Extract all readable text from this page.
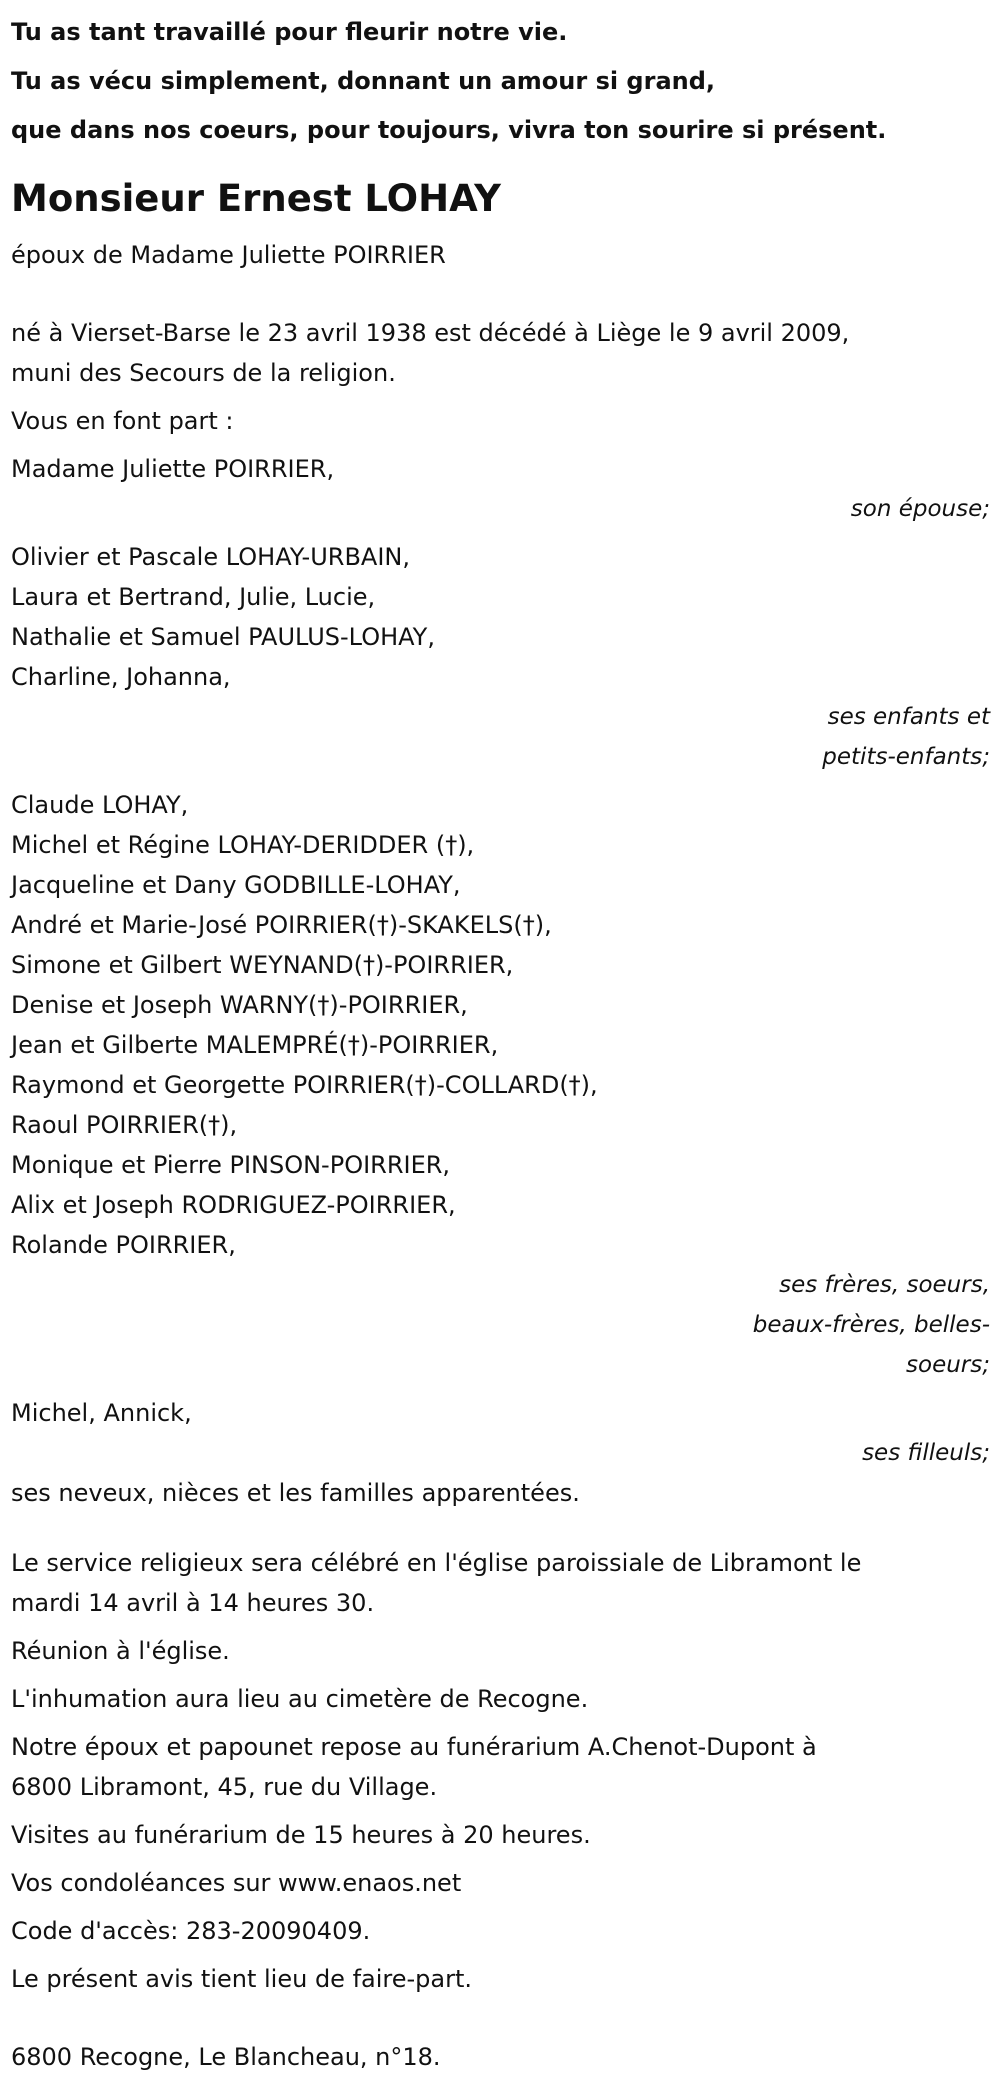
Tu as tant travaillé pour fleurir notre vie.
Tu as vécu simplement, donnant un amour si grand,
que dans nos coeurs, pour toujours, vivra ton sourire si présent.
Monsieur Ernest LOHAY
époux de Madame Juliette POIRRIER
né à Vierset-Barse le 23 avril 1938 est décédé à Liège le 9 avril 2009,
muni des Secours de la religion.
Vous en font part :
Madame Juliette POIRRIER,
son épouse;
Olivier et Pascale LOHAY-URBAIN,
Laura et Bertrand, Julie, Lucie,
Nathalie et Samuel PAULUS-LOHAY,
Charline, Johanna,
ses enfants et
petits-enfants;
Claude LOHAY,
Michel et Régine LOHAY-DERIDDER (†),
Jacqueline et Dany GODBILLE-LOHAY,
André et Marie-José POIRRIER(†)-SKAKELS(†),
Simone et Gilbert WEYNAND(†)-POIRRIER,
Denise et Joseph WARNY(†)-POIRRIER,
Jean et Gilberte MALEMPRÉ(†)-POIRRIER,
Raymond et Georgette POIRRIER(†)-COLLARD(†),
Raoul POIRRIER(†),
Monique et Pierre PINSON-POIRRIER,
Alix et Joseph RODRIGUEZ-POIRRIER,
Rolande POIRRIER,
ses frères, soeurs,
beaux-frères, belles-
soeurs;
Michel, Annick,
ses filleuls;
ses neveux, nièces et les familles apparentées.
Le service religieux sera célébré en l'église paroissiale de Libramont le
mardi 14 avril à 14 heures 30.
Réunion à l'église.
L'inhumation aura lieu au cimetère de Recogne.
Notre époux et papounet repose au funérarium A.Chenot-Dupont à
6800 Libramont, 45, rue du Village.
Visites au funérarium de 15 heures à 20 heures.
Vos condoléances sur www.enaos.net
Code d'accès: 283-20090409.
Le présent avis tient lieu de faire-part.
6800 Recogne, Le Blancheau, n°18.
